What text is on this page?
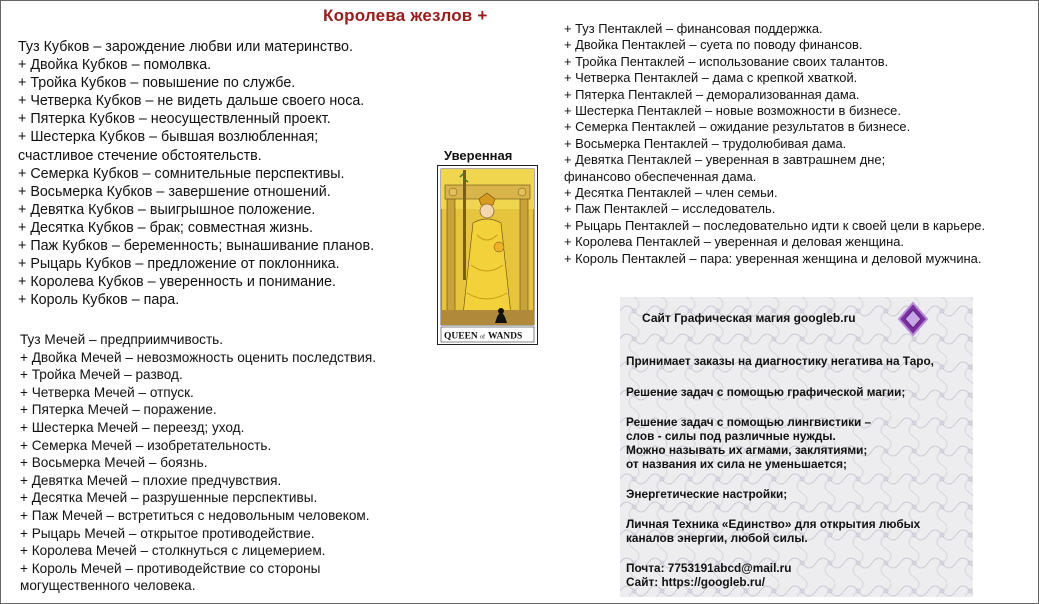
Королева жезлов +
Туз Кубков – зарождение любви или материнство.
+ Двойка Кубков – помолвка.
+ Тройка Кубков – повышение по службе.
+ Четверка Кубков – не видеть дальше своего носа.
+ Пятерка Кубков – неосуществленный проект.
+ Шестерка Кубков – бывшая возлюбленная;
счастливое стечение обстоятельств.
+ Семерка Кубков – сомнительные перспективы.
+ Восьмерка Кубков – завершение отношений.
+ Девятка Кубков – выигрышное положение.
+ Десятка Кубков – брак; совместная жизнь.
+ Паж Кубков – беременность; вынашивание планов.
+ Рыцарь Кубков – предложение от поклонника.
+ Королева Кубков – уверенность и понимание.
+ Король Кубков – пара.
Туз Мечей – предприимчивость.
+ Двойка Мечей – невозможность оценить последствия.
+ Тройка Мечей – развод.
+ Четверка Мечей – отпуск.
+ Пятерка Мечей – поражение.
+ Шестерка Мечей – переезд; уход.
+ Семерка Мечей – изобретательность.
+ Восьмерка Мечей – боязнь.
+ Девятка Мечей – плохие предчувствия.
+ Десятка Мечей – разрушенные перспективы.
+ Паж Мечей – встретиться с недовольным человеком.
+ Рыцарь Мечей – открытое противодействие.
+ Королева Мечей – столкнуться с лицемерием.
+ Король Мечей – противодействие со стороны
могущественного человека.
Уверенная
QUEEN of WANDS
+ Туз Пентаклей – финансовая поддержка.
+ Двойка Пентаклей – суета по поводу финансов.
+ Тройка Пентаклей – использование своих талантов.
+ Четверка Пентаклей – дама с крепкой хваткой.
+ Пятерка Пентаклей – деморализованная дама.
+ Шестерка Пентаклей – новые возможности в бизнесе.
+ Семерка Пентаклей – ожидание результатов в бизнесе.
+ Восьмерка Пентаклей – трудолюбивая дама.
+ Девятка Пентаклей – уверенная в завтрашнем дне;
финансово обеспеченная дама.
+ Десятка Пентаклей – член семьи.
+ Паж Пентаклей – исследователь.
+ Рыцарь Пентаклей – последовательно идти к своей цели в карьере.
+ Королева Пентаклей – уверенная и деловая женщина.
+ Король Пентаклей – пара: уверенная женщина и деловой мужчина.
Сайт Графическая магия googleb.ru
Принимает заказы на диагностику негатива на Таро,
Решение задач с помощью графической магии;
Решение задач с помощью лингвистики –
слов - силы под различные нужды.
Можно называть их агмами, заклятиями;
от названия их сила не уменьшается;
Энергетические настройки;
Личная Техника «Единство» для открытия любых
каналов энергии, любой силы.
Почта: 7753191abcd@mail.ru
Сайт: https://googleb.ru/
